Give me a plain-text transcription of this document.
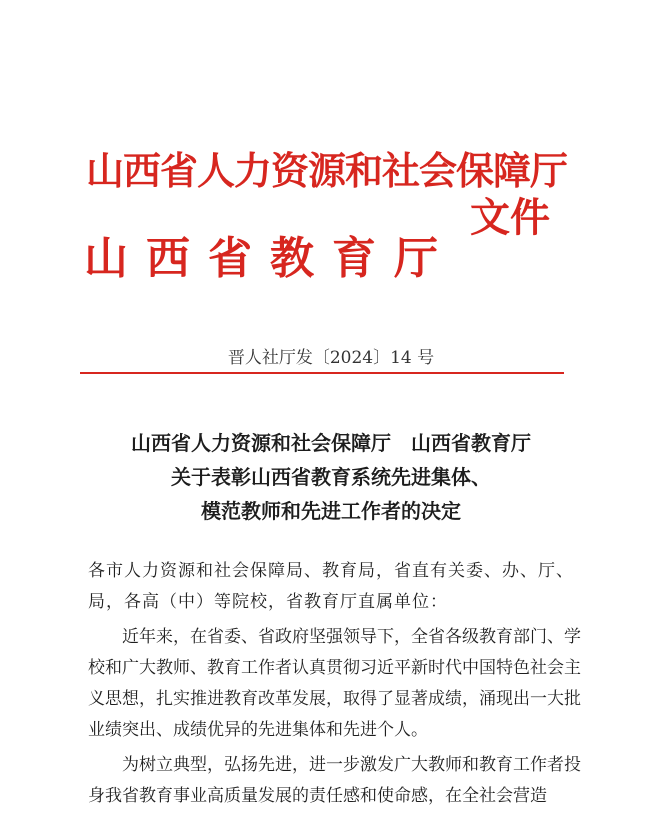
山西省人力资源和社会保障厅
山西省教育厅
文件
晋人社厅发〔2024〕14 号
山西省人力资源和社会保障厅　山西省教育厅
关于表彰山西省教育系统先进集体、
模范教师和先进工作者的决定

各市人力资源和社会保障局、教育局，省直有关委、办、厅、局，各高（中）等院校，省教育厅直属单位：

近年来，在省委、省政府坚强领导下，全省各级教育部门、学校和广大教师、教育工作者认真贯彻习近平新时代中国特色社会主义思想，扎实推进教育改革发展，取得了显著成绩，涌现出一大批业绩突出、成绩优异的先进集体和先进个人。

为树立典型，弘扬先进，进一步激发广大教师和教育工作者投身我省教育事业高质量发展的责任感和使命感，在全社会营造
